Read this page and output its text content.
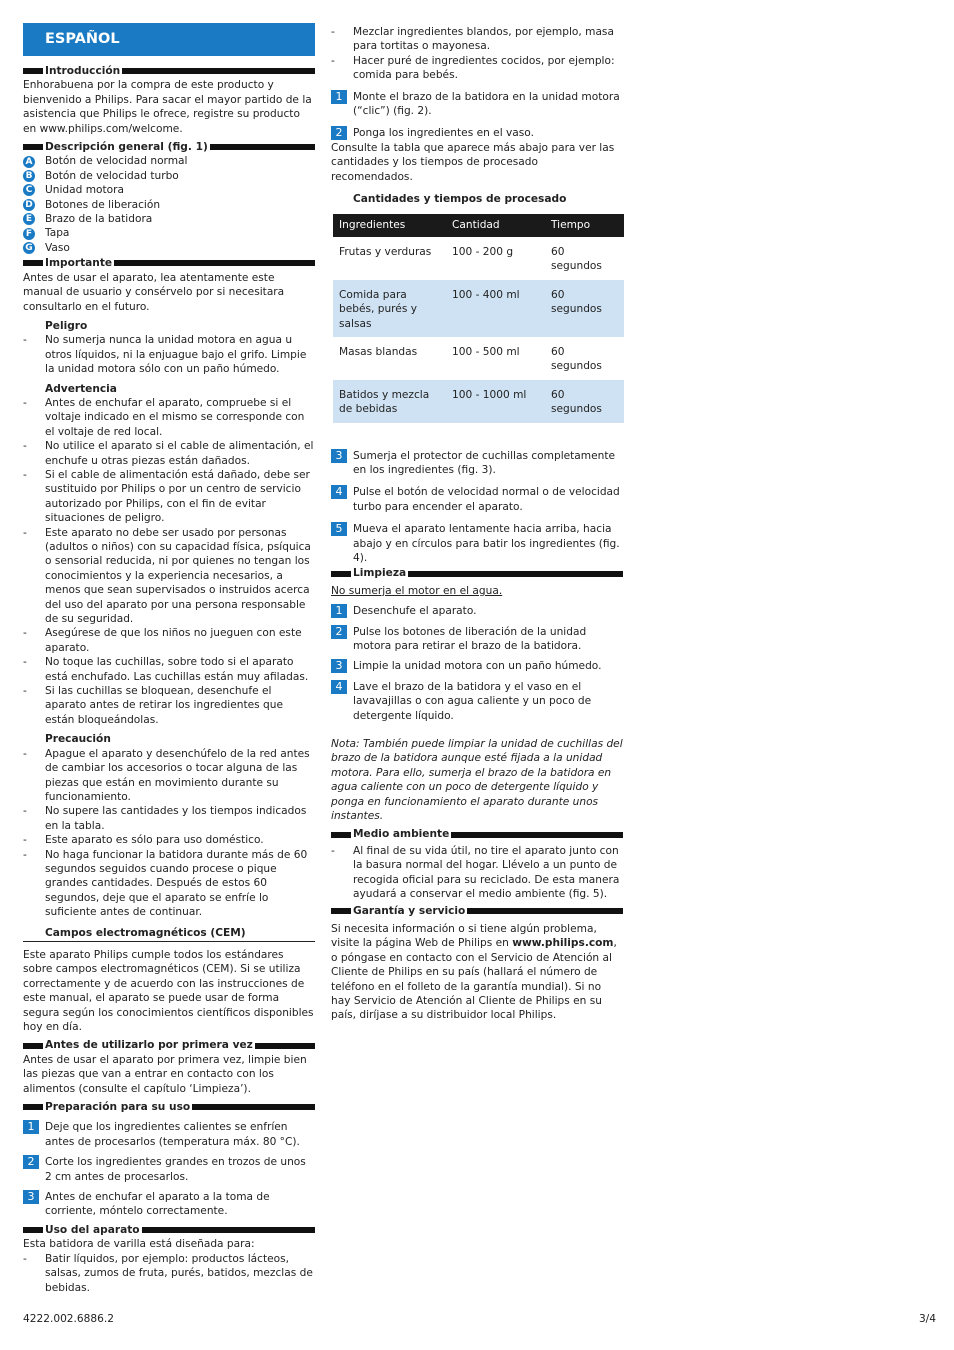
ESPAÑOL
Introducción

Enhorabuena por la compra de este producto y bienvenido a Philips. Para sacar el mayor partido de la asistencia que Philips le ofrece, registre su producto en www.philips.com/welcome.

Descripción general (fig. 1)
A Botón de velocidad normal
B Botón de velocidad turbo
C Unidad motora
D Botones de liberación
E Brazo de la batidora
F Tapa
G Vaso
Importante

Antes de usar el aparato, lea atentamente este manual de usuario y consérvelo por si necesitara consultarlo en el futuro.

Peligro
-	No sumerja nunca la unidad motora en agua u otros líquidos, ni la enjuague bajo el grifo. Limpie la unidad motora sólo con un paño húmedo.
Advertencia
-	Antes de enchufar el aparato, compruebe si el voltaje indicado en el mismo se corresponde con el voltaje de red local.
-	No utilice el aparato si el cable de alimentación, el enchufe u otras piezas están dañados.
-	Si el cable de alimentación está dañado, debe ser sustituido por Philips o por un centro de servicio autorizado por Philips, con el fin de evitar situaciones de peligro.
-	Este aparato no debe ser usado por personas (adultos o niños) con su capacidad física, psíquica o sensorial reducida, ni por quienes no tengan los conocimientos y la experiencia necesarios, a menos que sean supervisados o instruidos acerca del uso del aparato por una persona responsable de su seguridad.
-	Asegúrese de que los niños no jueguen con este aparato.
-	No toque las cuchillas, sobre todo si el aparato está enchufado. Las cuchillas están muy afiladas.
-	Si las cuchillas se bloquean, desenchufe el aparato antes de retirar los ingredientes que están bloqueándolas.
Precaución
-	Apague el aparato y desenchúfelo de la red antes de cambiar los accesorios o tocar alguna de las piezas que están en movimiento durante su funcionamiento.
-	No supere las cantidades y los tiempos indicados en la tabla.
-	Este aparato es sólo para uso doméstico.
-	No haga funcionar la batidora durante más de 60 segundos seguidos cuando procese o pique grandes cantidades. Después de estos 60 segundos, deje que el aparato se enfríe lo suficiente antes de continuar.
Campos electromagnéticos (CEM)

Este aparato Philips cumple todos los estándares sobre campos electromagnéticos (CEM). Si se utiliza correctamente y de acuerdo con las instrucciones de este manual, el aparato se puede usar de forma segura según los conocimientos científicos disponibles hoy en día.

Antes de utilizarlo por primera vez

Antes de usar el aparato por primera vez, limpie bien las piezas que van a entrar en contacto con los alimentos (consulte el capítulo ‘Limpieza’).

Preparación para su uso
1 Deje que los ingredientes calientes se enfríen antes de procesarlos (temperatura máx. 80 °C).
2 Corte los ingredientes grandes en trozos de unos 2 cm antes de procesarlos.
3 Antes de enchufar el aparato a la toma de corriente, móntelo correctamente.
Uso del aparato
Esta batidora de varilla está diseñada para:
-	Batir líquidos, por ejemplo: productos lácteos, salsas, zumos de fruta, purés, batidos, mezclas de bebidas.
-	Mezclar ingredientes blandos, por ejemplo, masa para tortitas o mayonesa.
-	Hacer puré de ingredientes cocidos, por ejemplo: comida para bebés.
1 Monte el brazo de la batidora en la unidad motora (“clic”) (fig. 2).
2 Ponga los ingredientes en el vaso.
Consulte la tabla que aparece más abajo para ver las cantidades y los tiempos de procesado recomendados.
Cantidades y tiempos de procesado
Ingredientes	Cantidad	Tiempo
Frutas y verduras	100 - 200 g	60 segundos
Comida para bebés, purés y salsas	100 - 400 ml	60 segundos
Masas blandas	100 - 500 ml	60 segundos
Batidos y mezcla de bebidas	100 - 1000 ml	60 segundos
3 Sumerja el protector de cuchillas completamente en los ingredientes (fig. 3).
4 Pulse el botón de velocidad normal o de velocidad turbo para encender el aparato.
5 Mueva el aparato lentamente hacia arriba, hacia abajo y en círculos para batir los ingredientes (fig. 4).
Limpieza
No sumerja el motor en el agua.
1 Desenchufe el aparato.
2 Pulse los botones de liberación de la unidad motora para retirar el brazo de la batidora.
3 Limpie la unidad motora con un paño húmedo.
4 Lave el brazo de la batidora y el vaso en el lavavajillas o con agua caliente y un poco de detergente líquido.
Nota: También puede limpiar la unidad de cuchillas del brazo de la batidora aunque esté fijada a la unidad motora. Para ello, sumerja el brazo de la batidora en agua caliente con un poco de detergente líquido y ponga en funcionamiento el aparato durante unos instantes.
Medio ambiente
-	Al final de su vida útil, no tire el aparato junto con la basura normal del hogar. Llévelo a un punto de recogida oficial para su reciclado. De esta manera ayudará a conservar el medio ambiente (fig. 5).
Garantía y servicio

Si necesita información o si tiene algún problema, visite la página Web de Philips en www.philips.com, o póngase en contacto con el Servicio de Atención al Cliente de Philips en su país (hallará el número de teléfono en el folleto de la garantía mundial). Si no hay Servicio de Atención al Cliente de Philips en su país, diríjase a su distribuidor local Philips.

4222.002.6886.2	3/4
